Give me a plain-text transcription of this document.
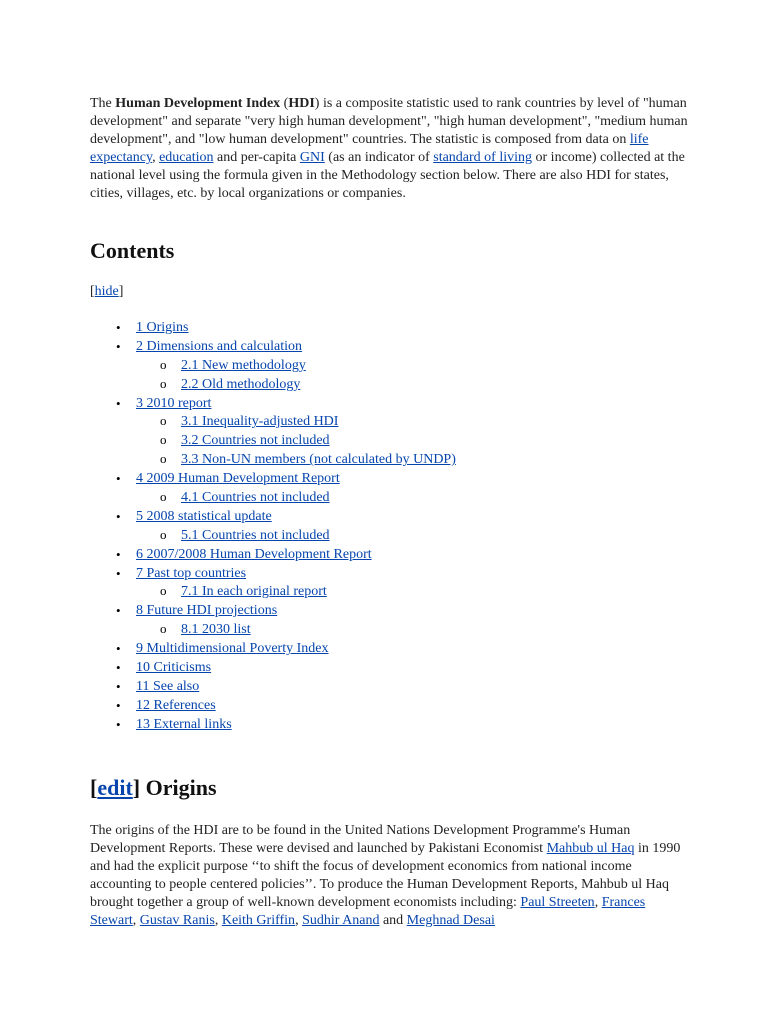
The Human Development Index (HDI) is a composite statistic used to rank countries by level of "human development" and separate "very high human development", "high human development", "medium human development", and "low human development" countries. The statistic is composed from data on life expectancy, education and per-capita GNI (as an indicator of standard of living or income) collected at the national level using the formula given in the Methodology section below. There are also HDI for states, cities, villages, etc. by local organizations or companies.

Contents
[hide]
• 1 Origins
• 2 Dimensions and calculation
o 2.1 New methodology
o 2.2 Old methodology
• 3 2010 report
o 3.1 Inequality-adjusted HDI
o 3.2 Countries not included
o 3.3 Non-UN members (not calculated by UNDP)
• 4 2009 Human Development Report
o 4.1 Countries not included
• 5 2008 statistical update
o 5.1 Countries not included
• 6 2007/2008 Human Development Report
• 7 Past top countries
o 7.1 In each original report
• 8 Future HDI projections
o 8.1 2030 list
• 9 Multidimensional Poverty Index
• 10 Criticisms
• 11 See also
• 12 References
• 13 External links
[edit] Origins

The origins of the HDI are to be found in the United Nations Development Programme's Human Development Reports. These were devised and launched by Pakistani Economist Mahbub ul Haq in 1990 and had the explicit purpose ‘‘to shift the focus of development economics from national income accounting to people centered policies’’. To produce the Human Development Reports, Mahbub ul Haq brought together a group of well-known development economists including: Paul Streeten, Frances Stewart, Gustav Ranis, Keith Griffin, Sudhir Anand and Meghnad Desai
